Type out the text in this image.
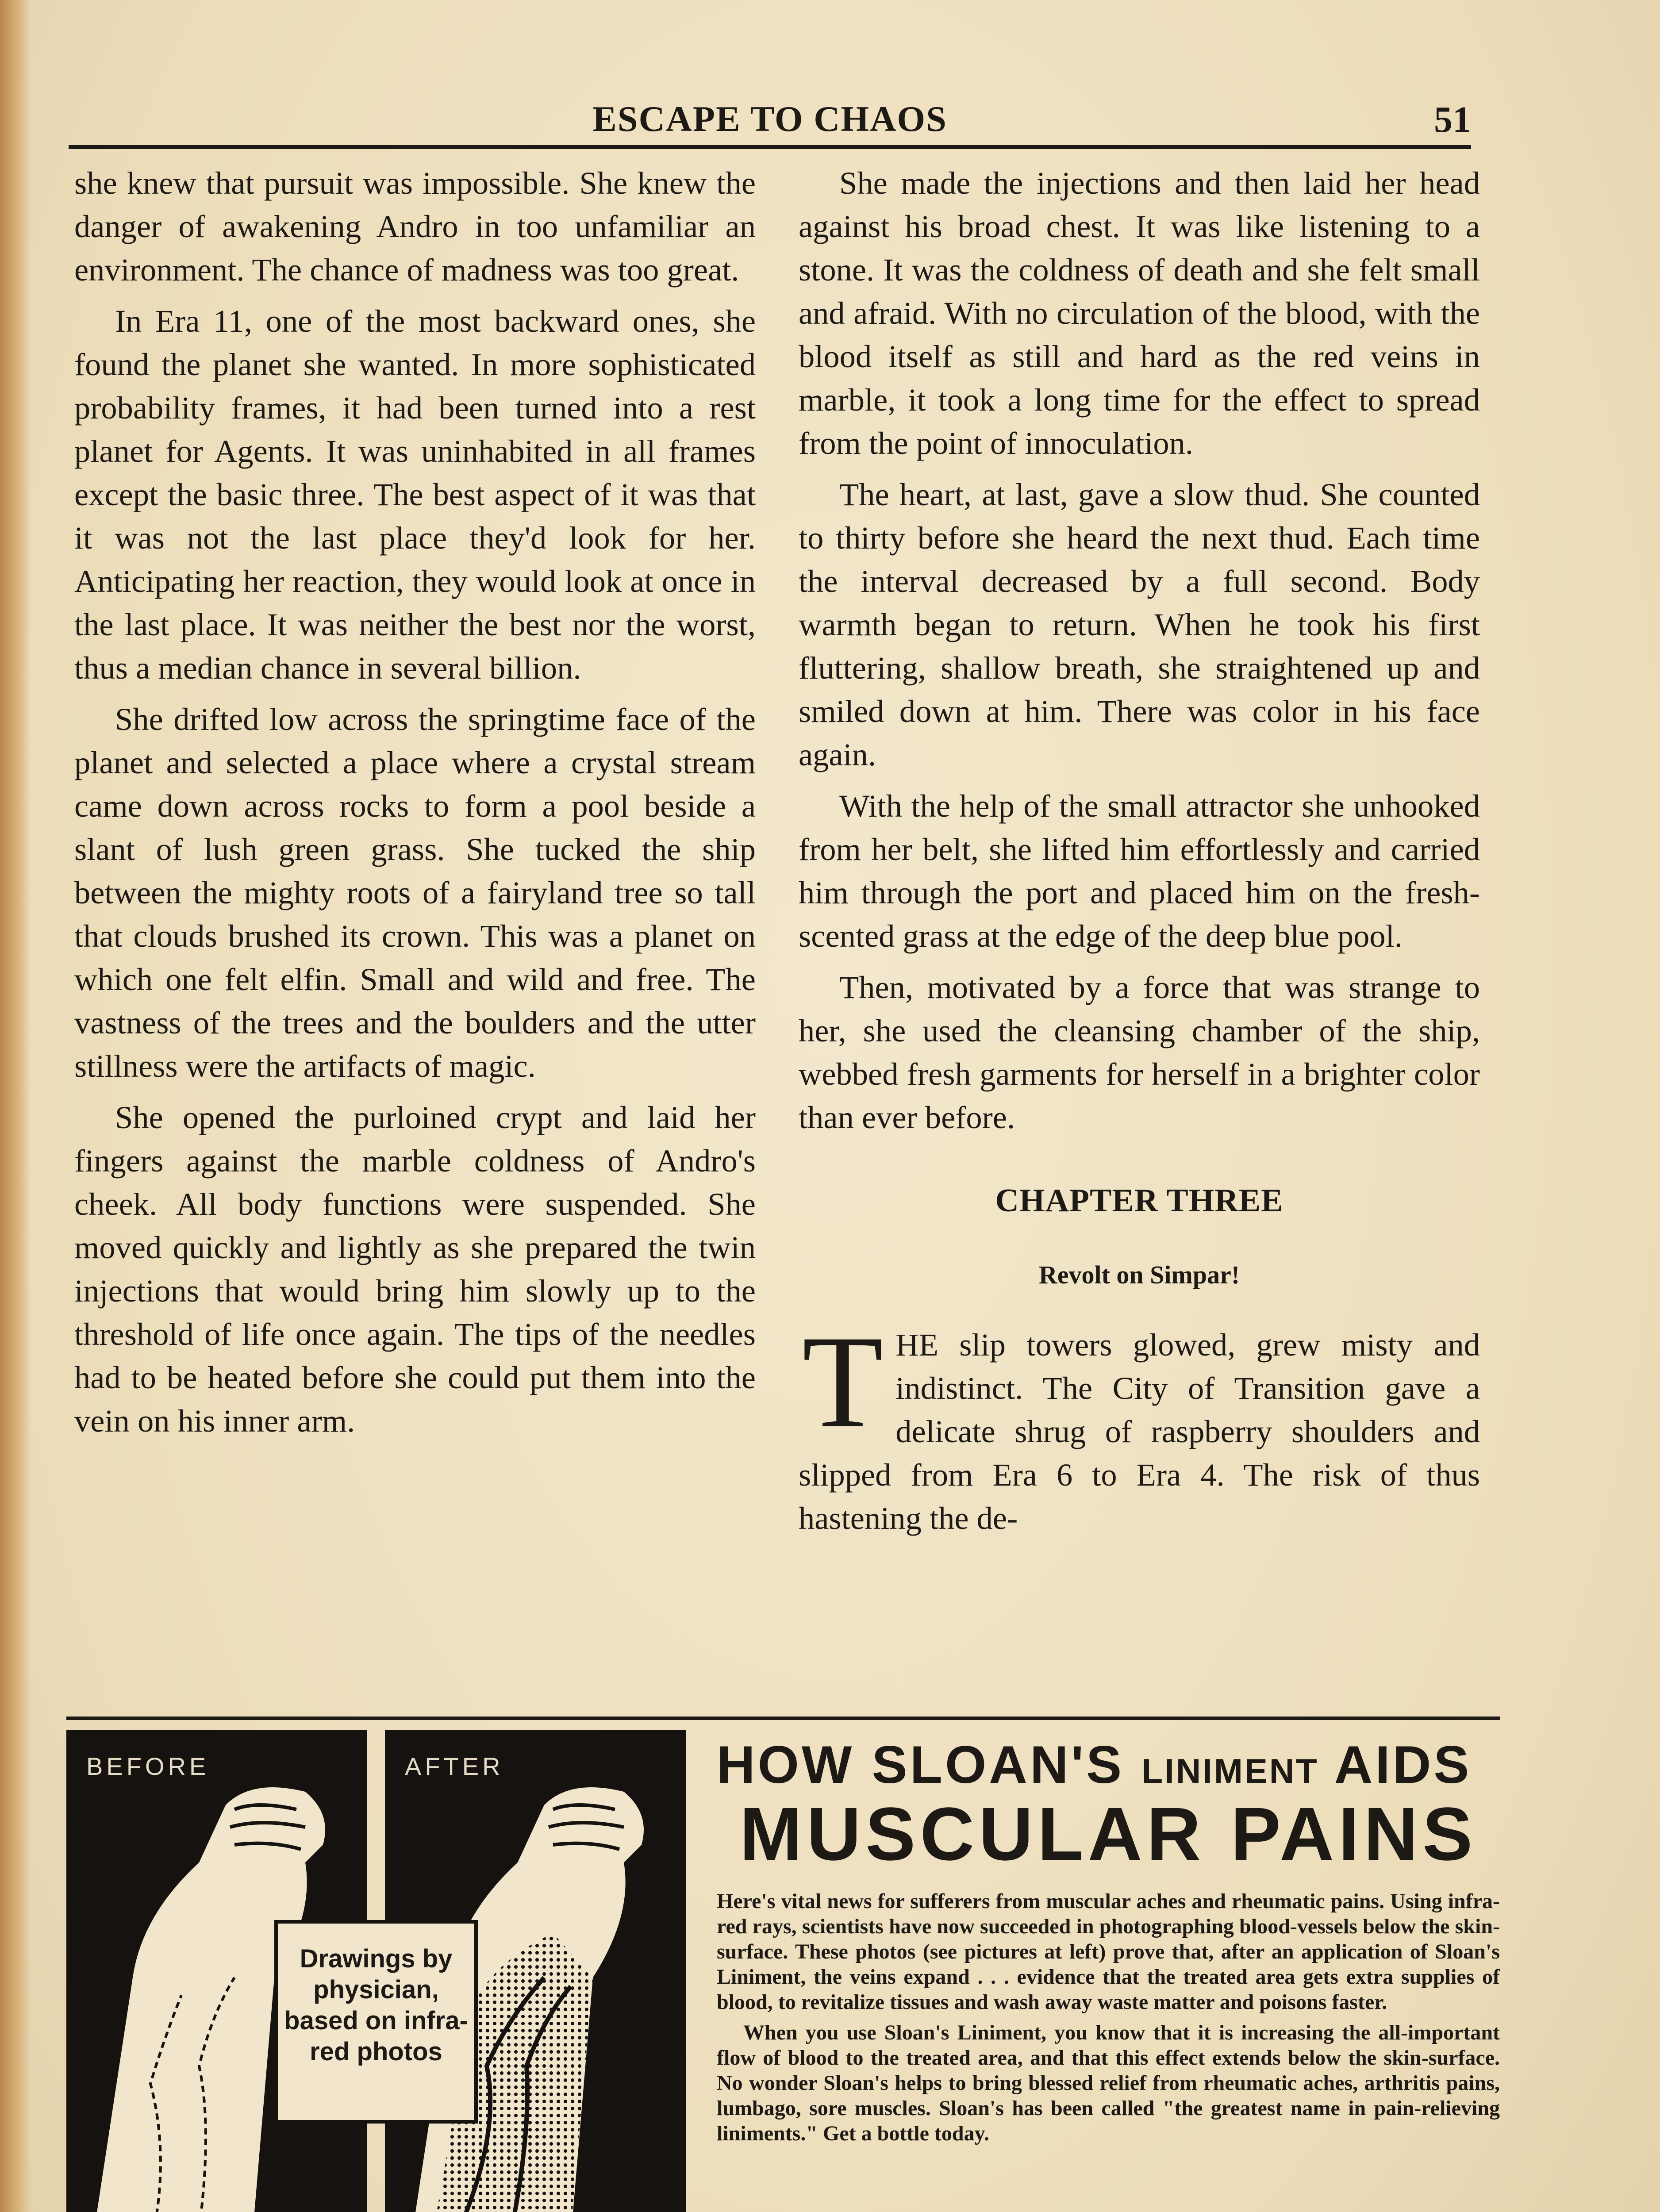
ESCAPE TO CHAOS	51

she knew that pursuit was impossible. She knew the danger of awakening Andro in too unfamiliar an environment. The chance of madness was too great.

In Era 11, one of the most backward ones, she found the planet she wanted. In more sophisticated probability frames, it had been turned into a rest planet for Agents. It was uninhabited in all frames except the basic three. The best aspect of it was that it was not the last place they'd look for her. Anticipating her reaction, they would look at once in the last place. It was neither the best nor the worst, thus a median chance in several billion.

She drifted low across the springtime face of the planet and selected a place where a crystal stream came down across rocks to form a pool beside a slant of lush green grass. She tucked the ship between the mighty roots of a fairyland tree so tall that clouds brushed its crown. This was a planet on which one felt elfin. Small and wild and free. The vastness of the trees and the boulders and the utter stillness were the artifacts of magic.

She opened the purloined crypt and laid her fingers against the marble coldness of Andro's cheek. All body functions were suspended. She moved quickly and lightly as she prepared the twin injections that would bring him slowly up to the threshold of life once again. The tips of the needles had to be heated before she could put them into the vein on his inner arm.

She made the injections and then laid her head against his broad chest. It was like listening to a stone. It was the coldness of death and she felt small and afraid. With no circulation of the blood, with the blood itself as still and hard as the red veins in marble, it took a long time for the effect to spread from the point of innoculation.

The heart, at last, gave a slow thud. She counted to thirty before she heard the next thud. Each time the interval decreased by a full second. Body warmth began to return. When he took his first fluttering, shallow breath, she straightened up and smiled down at him. There was color in his face again.

With the help of the small attractor she unhooked from her belt, she lifted him effortlessly and carried him through the port and placed him on the fresh-scented grass at the edge of the deep blue pool.

Then, motivated by a force that was strange to her, she used the cleansing chamber of the ship, webbed fresh garments for herself in a brighter color than ever before.

CHAPTER THREE
Revolt on Simpar!
T HE slip towers glowed, grew misty and indistinct. The City of Transition gave a delicate shrug of raspberry shoulders and slipped from Era 6 to Era 4. The risk of thus hastening the de-
BEFORE	AFTER
Drawings by physician, based on infra-red photos
HOW SLOAN'S LINIMENT AIDS
MUSCULAR PAINS

Here's vital news for sufferers from muscular aches and rheumatic pains. Using infra-red rays, scientists have now succeeded in photographing blood-vessels below the skin-surface. These photos (see pictures at left) prove that, after an application of Sloan's Liniment, the veins expand . . . evidence that the treated area gets extra supplies of blood, to revitalize tissues and wash away waste matter and poisons faster.

When you use Sloan's Liniment, you know that it is increasing the all-important flow of blood to the treated area, and that this effect extends below the skin-surface. No wonder Sloan's helps to bring blessed relief from rheumatic aches, arthritis pains, lumbago, sore muscles. Sloan's has been called "the greatest name in pain-relieving liniments." Get a bottle today.
